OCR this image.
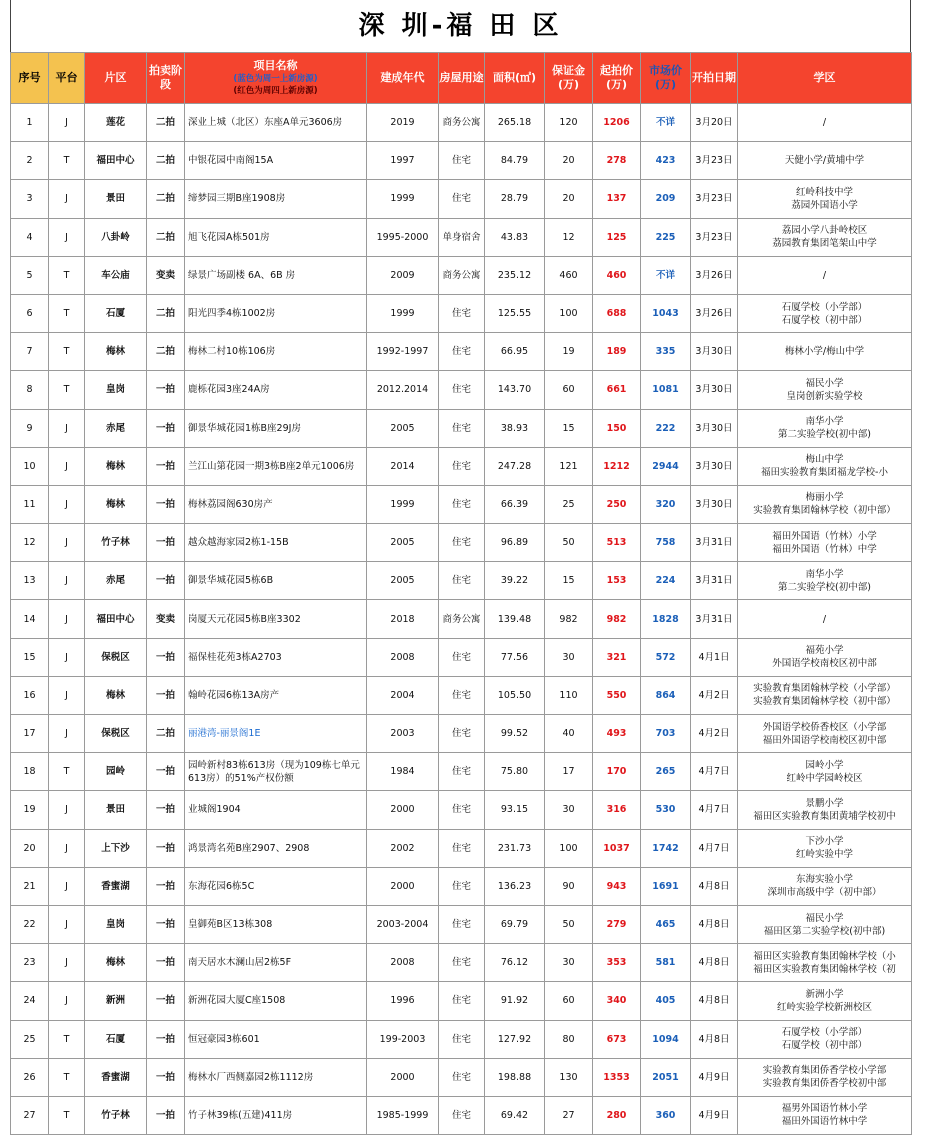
深 圳-福 田 区
序号	平台	片区	拍卖阶段	项目名称
(蓝色为周一上新房源)
(红色为周四上新房源)	建成年代	房屋用途	面积(㎡)	保证金(万)	起拍价(万)	市场价(万)	开拍日期	学区
1	J	莲花	二拍	深业上城（北区）东座A单元3606房	2019	商务公寓	265.18	120	1206	不详	3月20日	/

2	T	福田中心	二拍	中银花园中南阁15A	1997	住宅	84.79	20	278	423	3月23日	天健小学/黄埔中学

3	J	景田	二拍	缔梦园三期B座1908房	1999	住宅	28.79	20	137	209	3月23日	红岭科技中学
荔园外国语小学

4	J	八卦岭	二拍	旭飞花园A栋501房	1995-2000	单身宿舍	43.83	12	125	225	3月23日	荔园小学八卦岭校区
荔园教育集团笔架山中学

5	T	车公庙	变卖	绿景广场副楼 6A、6B 房	2009	商务公寓	235.12	460	460	不详	3月26日	/

6	T	石厦	二拍	阳光四季4栋1002房	1999	住宅	125.55	100	688	1043	3月26日	石厦学校（小学部）
石厦学校（初中部）

7	T	梅林	二拍	梅林二村10栋106房	1992-1997	住宅	66.95	19	189	335	3月30日	梅林小学/梅山中学

8	T	皇岗	一拍	鹿栎花园3座24A房	2012.2014	住宅	143.70	60	661	1081	3月30日	福民小学
皇岗创新实验学校

9	J	赤尾	一拍	御景华城花园1栋B座29J房	2005	住宅	38.93	15	150	222	3月30日	南华小学
第二实验学校(初中部)

10	J	梅林	一拍	兰江山第花园一期3栋B座2单元1006房	2014	住宅	247.28	121	1212	2944	3月30日	梅山中学
福田实验教育集团福龙学校-小

11	J	梅林	一拍	梅林荔园阁630房产	1999	住宅	66.39	25	250	320	3月30日	梅丽小学
实验教育集团翰林学校（初中部）

12	J	竹子林	一拍	越众越海家园2栋1-15B	2005	住宅	96.89	50	513	758	3月31日	福田外国语（竹林）小学
福田外国语（竹林）中学

13	J	赤尾	一拍	御景华城花园5栋6B	2005	住宅	39.22	15	153	224	3月31日	南华小学
第二实验学校(初中部)

14	J	福田中心	变卖	岗厦天元花园5栋B座3302	2018	商务公寓	139.48	982	982	1828	3月31日	/

15	J	保税区	一拍	福保桂花苑3栋A2703	2008	住宅	77.56	30	321	572	4月1日	福苑小学
外国语学校南校区初中部

16	J	梅林	一拍	翰岭花园6栋13A房产	2004	住宅	105.50	110	550	864	4月2日	实验教育集团翰林学校（小学部）
实验教育集团翰林学校（初中部）

17	J	保税区	二拍	丽港湾-丽景阁1E	2003	住宅	99.52	40	493	703	4月2日	外国语学校侨香校区（小学部
福田外国语学校南校区初中部

18	T	园岭	一拍	园岭新村83栋613房（现为109栋七单元613房）的51%产权份额	1984	住宅	75.80	17	170	265	4月7日	园岭小学
红岭中学园岭校区

19	J	景田	一拍	业城阁1904	2000	住宅	93.15	30	316	530	4月7日	景鹏小学
福田区实验教育集团黄埔学校初中

20	J	上下沙	一拍	鸿景湾名苑B座2907、2908	2002	住宅	231.73	100	1037	1742	4月7日	下沙小学
红岭实验中学

21	J	香蜜湖	一拍	东海花园6栋5C	2000	住宅	136.23	90	943	1691	4月8日	东海实验小学
深圳市高级中学（初中部）

22	J	皇岗	一拍	皇御苑B区13栋308	2003-2004	住宅	69.79	50	279	465	4月8日	福民小学
福田区第二实验学校(初中部)

23	J	梅林	一拍	南天居水木澜山居2栋5F	2008	住宅	76.12	30	353	581	4月8日	福田区实验教育集团翰林学校（小
福田区实验教育集团翰林学校（初

24	J	新洲	一拍	新洲花园大厦C座1508	1996	住宅	91.92	60	340	405	4月8日	新洲小学
红岭实验学校新洲校区

25	T	石厦	一拍	恒冠豪园3栋601	199-2003	住宅	127.92	80	673	1094	4月8日	石厦学校（小学部）
石厦学校（初中部）

26	T	香蜜湖	一拍	梅林水厂西侧嘉园2栋1112房	2000	住宅	198.88	130	1353	2051	4月9日	实验教育集团侨香学校小学部
实验教育集团侨香学校初中部

27	T	竹子林	一拍	竹子林39栋(五建)411房	1985-1999	住宅	69.42	27	280	360	4月9日	福男外国语竹林小学
福田外国语竹林中学
